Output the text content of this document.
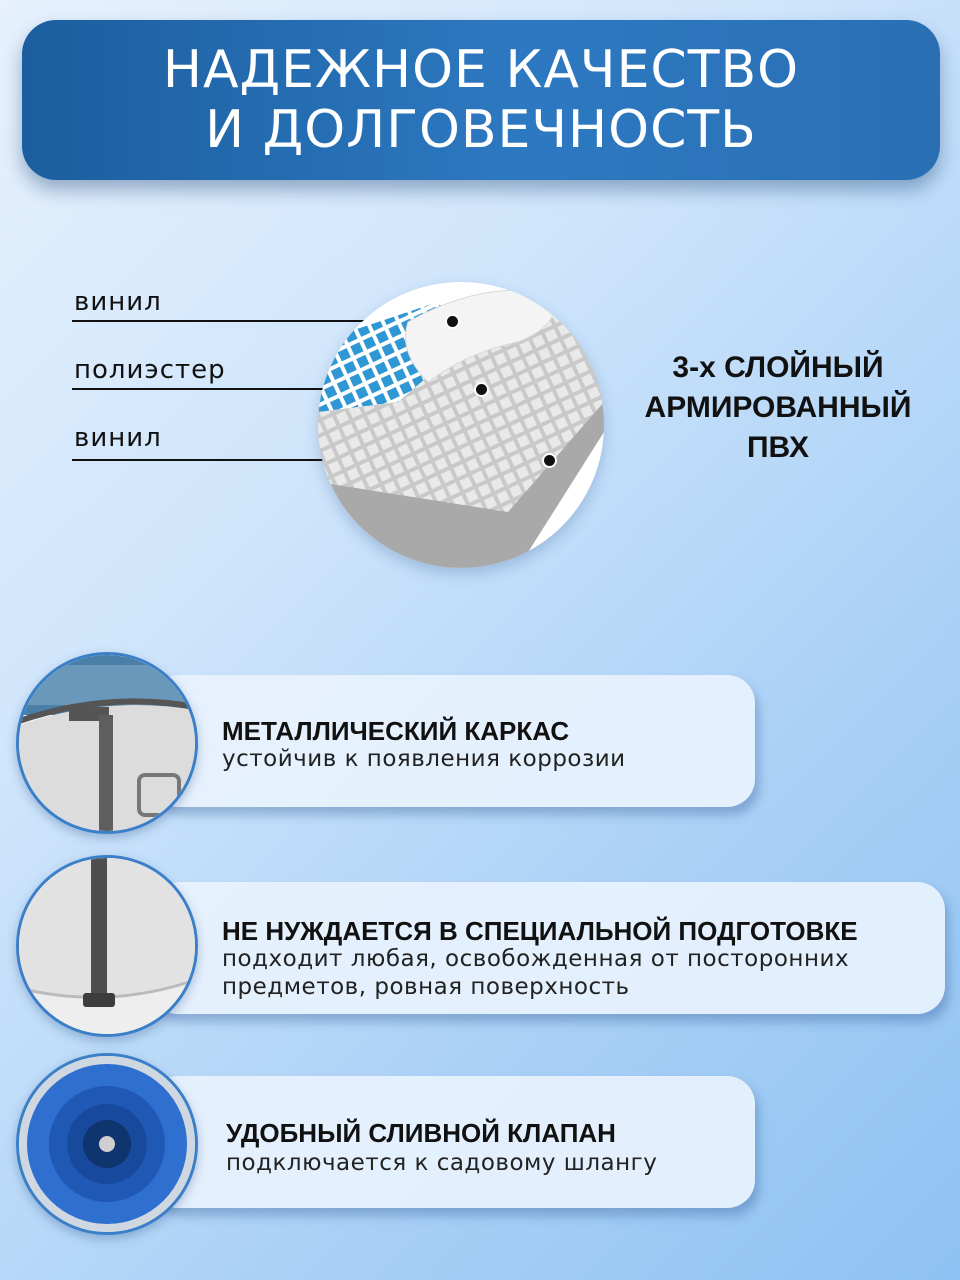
НАДЕЖНОЕ КАЧЕСТВО
И ДОЛГОВЕЧНОСТЬ
винил
полиэстер
винил
3-х СЛОЙНЫЙ
АРМИРОВАННЫЙ
ПВХ
МЕТАЛЛИЧЕСКИЙ КАРКАС
устойчив к появления коррозии
НЕ НУЖДАЕТСЯ В СПЕЦИАЛЬНОЙ ПОДГОТОВКЕ
подходит любая, освобожденная от посторонних
предметов, ровная поверхность
УДОБНЫЙ СЛИВНОЙ КЛАПАН
подключается к садовому шлангу
